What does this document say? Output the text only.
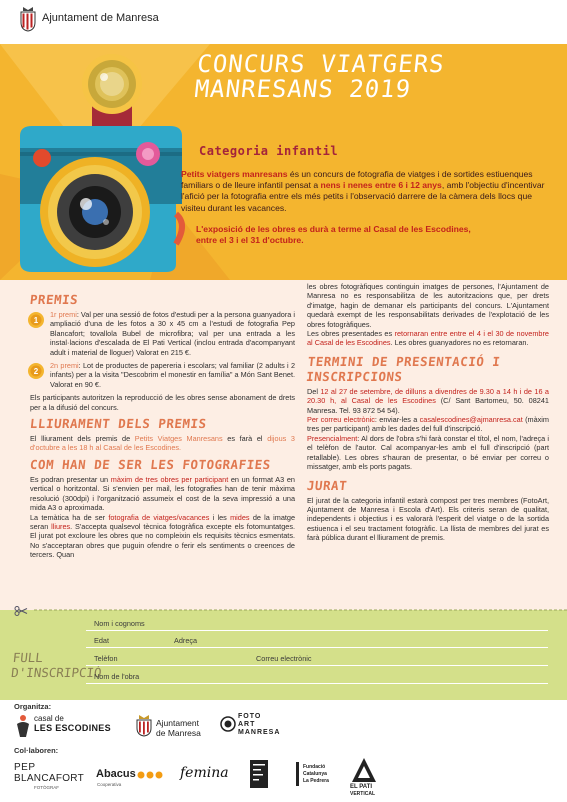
Ajuntament de Manresa
CONCURS VIATGERS
MANRESANS 2019
Categoria infantil
Petits viatgers manresans és un concurs de fotografia de viatges i de sortides estiuenques familiars o de lleure infantil pensat a nens i nenes entre 6 i 12 anys, amb l'objectiu d'incentivar l'afició per la fotografia entre els més petits i l'observació darrere de la càmera dels llocs que visiteu durant les vacances.
L'exposició de les obres es durà a terme al Casal de les Escodines,
entre el 3 i el 31 d'octubre.
PREMIS
1
1r premi: Val per una sessió de fotos d'estudi per a la persona guanyadora i ampliació d'una de les fotos a 30 x 45 cm a l'estudi de fotografia Pep Blancafort; tovallola Bubel de microfibra; val per una entrada a les instal·lacions d'escalada de El Pati Vertical (inclou entrada d'acompanyant adult i material de lloguer) Valorat en 215 €.
2
2n premi: Lot de productes de papereria i escolars; val familiar (2 adults i 2 infants) per a la visita "Descobrim el monestir en família" a Món Sant Benet. Valorat en 90 €.
Els participants autoritzen la reproducció de les obres sense abonament de drets per a la difusió del concurs.
LLIURAMENT DELS PREMIS
El lliurament dels premis de Petits Viatges Manresans es farà el dijous 3 d'octubre a les 18 h al Casal de les Escodines.
COM HAN DE SER LES FOTOGRAFIES
Es podran presentar un màxim de tres obres per participant en un format A3 en vertical o horitzontal. Si s'envien per mail, les fotografies han de tenir màxima resolució (300dpi) i l'organització assumeix el cost de la seva impressió a una mida A3 o aproximada.
La temàtica ha de ser fotografia de viatges/vacances i les mides de la imatge seran lliures. S'accepta qualsevol tècnica fotogràfica excepte els fotomuntatges. El jurat pot excloure les obres que no compleixin els requisits tècnics esmentats. No s'acceptaran obres que puguin ofendre o ferir els sentiments o creences de tercers. Quan
les obres fotogràfiques continguin imatges de persones, l'Ajuntament de Manresa no es responsabilitza de les autoritzacions que, per drets d'imatge, hagin de demanar els participants del concurs. L'Ajuntament quedarà exempt de les responsabilitats derivades de l'explotació de les obres fotogràfiques.
Les obres presentades es retornaran entre entre el 4 i el 30 de novembre al Casal de les Escodines. Les obres guanyadores no es retornaran.
TERMINI DE PRESENTACIÓ I INSCRIPCIONS
Del 12 al 27 de setembre, de dilluns a divendres de 9.30 a 14 h i de 16 a 20.30 h, al Casal de les Escodines (C/ Sant Bartomeu, 50. 08241 Manresa. Tel. 93 872 54 54).
Per correu electrònic: enviar-les a casalescodines@ajmanresa.cat (màxim tres per participant) amb les dades del full d'inscripció.
Presencialment: Al dors de l'obra s'hi farà constar el títol, el nom, l'adreça i el telèfon de l'autor. Cal acompanyar-les amb el full d'inscripció (part retallable). Les obres s'hauran de presentar, o bé enviar per correu o missatger, amb els ports pagats.
JURAT
El jurat de la categoria infantil estarà compost per tres membres (FotoArt, Ajuntament de Manresa i Escola d'Art). Els criteris seran de qualitat, independents i objectius i es valorarà l'esperit del viatge o de la sortida estiuenca i el seu tractament fotogràfic. La llista de membres del jurat es farà pública durant el lliurament de premis.
FULL
D'INSCRIPCIÓ
Nom i cognoms
Edat	Adreça
Telèfon	Correu electrònic
Nom de l'obra
Organitza:
casal de
LES ESCODINES	Ajuntament
de Manresa
FOTO
ART
MANRESA
Col·laboren:
PEP
BLANCAFORT
FOTÒGRAF
Abacus
Cooperativa
femina	Fundació
Catalunya
La Pedrera
EL PATI
VERTICAL
